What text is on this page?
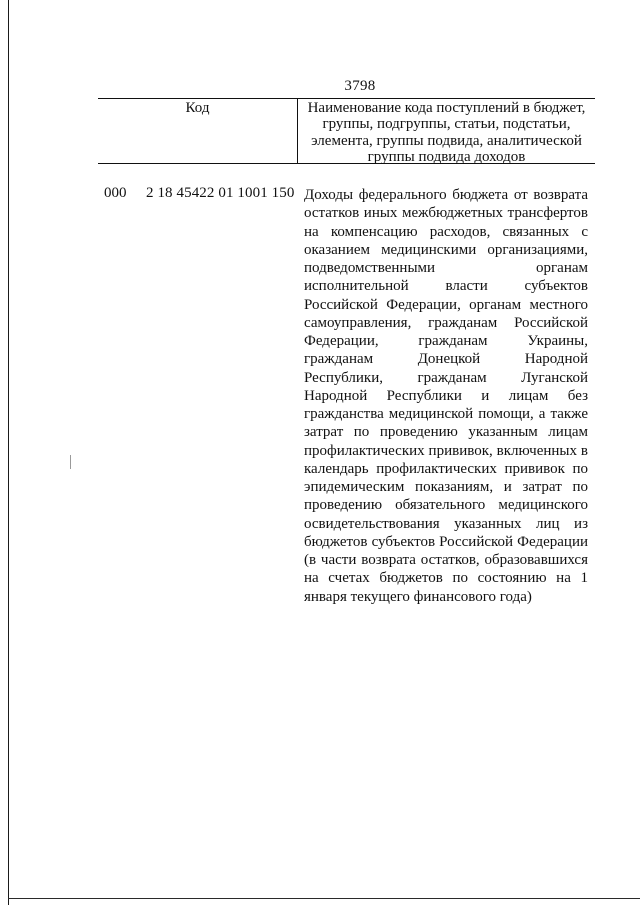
3798
Код	Наименование кода поступлений в бюджет, группы, подгруппы, статьи, подстатьи, элемента, группы подвида, аналитической группы подвида доходов
000 2 18 45422 01 1001 150 Доходы федерального бюджета от возврата остатков иных межбюджетных трансфертов на компенсацию расходов, связанных с оказанием медицинскими организациями, подведомственными органам исполнительной власти субъектов Российской Федерации, органам местного самоуправления, гражданам Российской Федерации, гражданам Украины, гражданам Донецкой Народной Республики, гражданам Луганской Народной Республики и лицам без гражданства медицинской помощи, а также затрат по проведению указанным лицам профилактических прививок, включенных в календарь профилактических прививок по эпидемическим показаниям, и затрат по проведению обязательного медицинского освидетельствования указанных лиц из бюджетов субъектов Российской Федерации (в части возврата остатков, образовавшихся на счетах бюджетов по состоянию на 1 января текущего финансового года)
